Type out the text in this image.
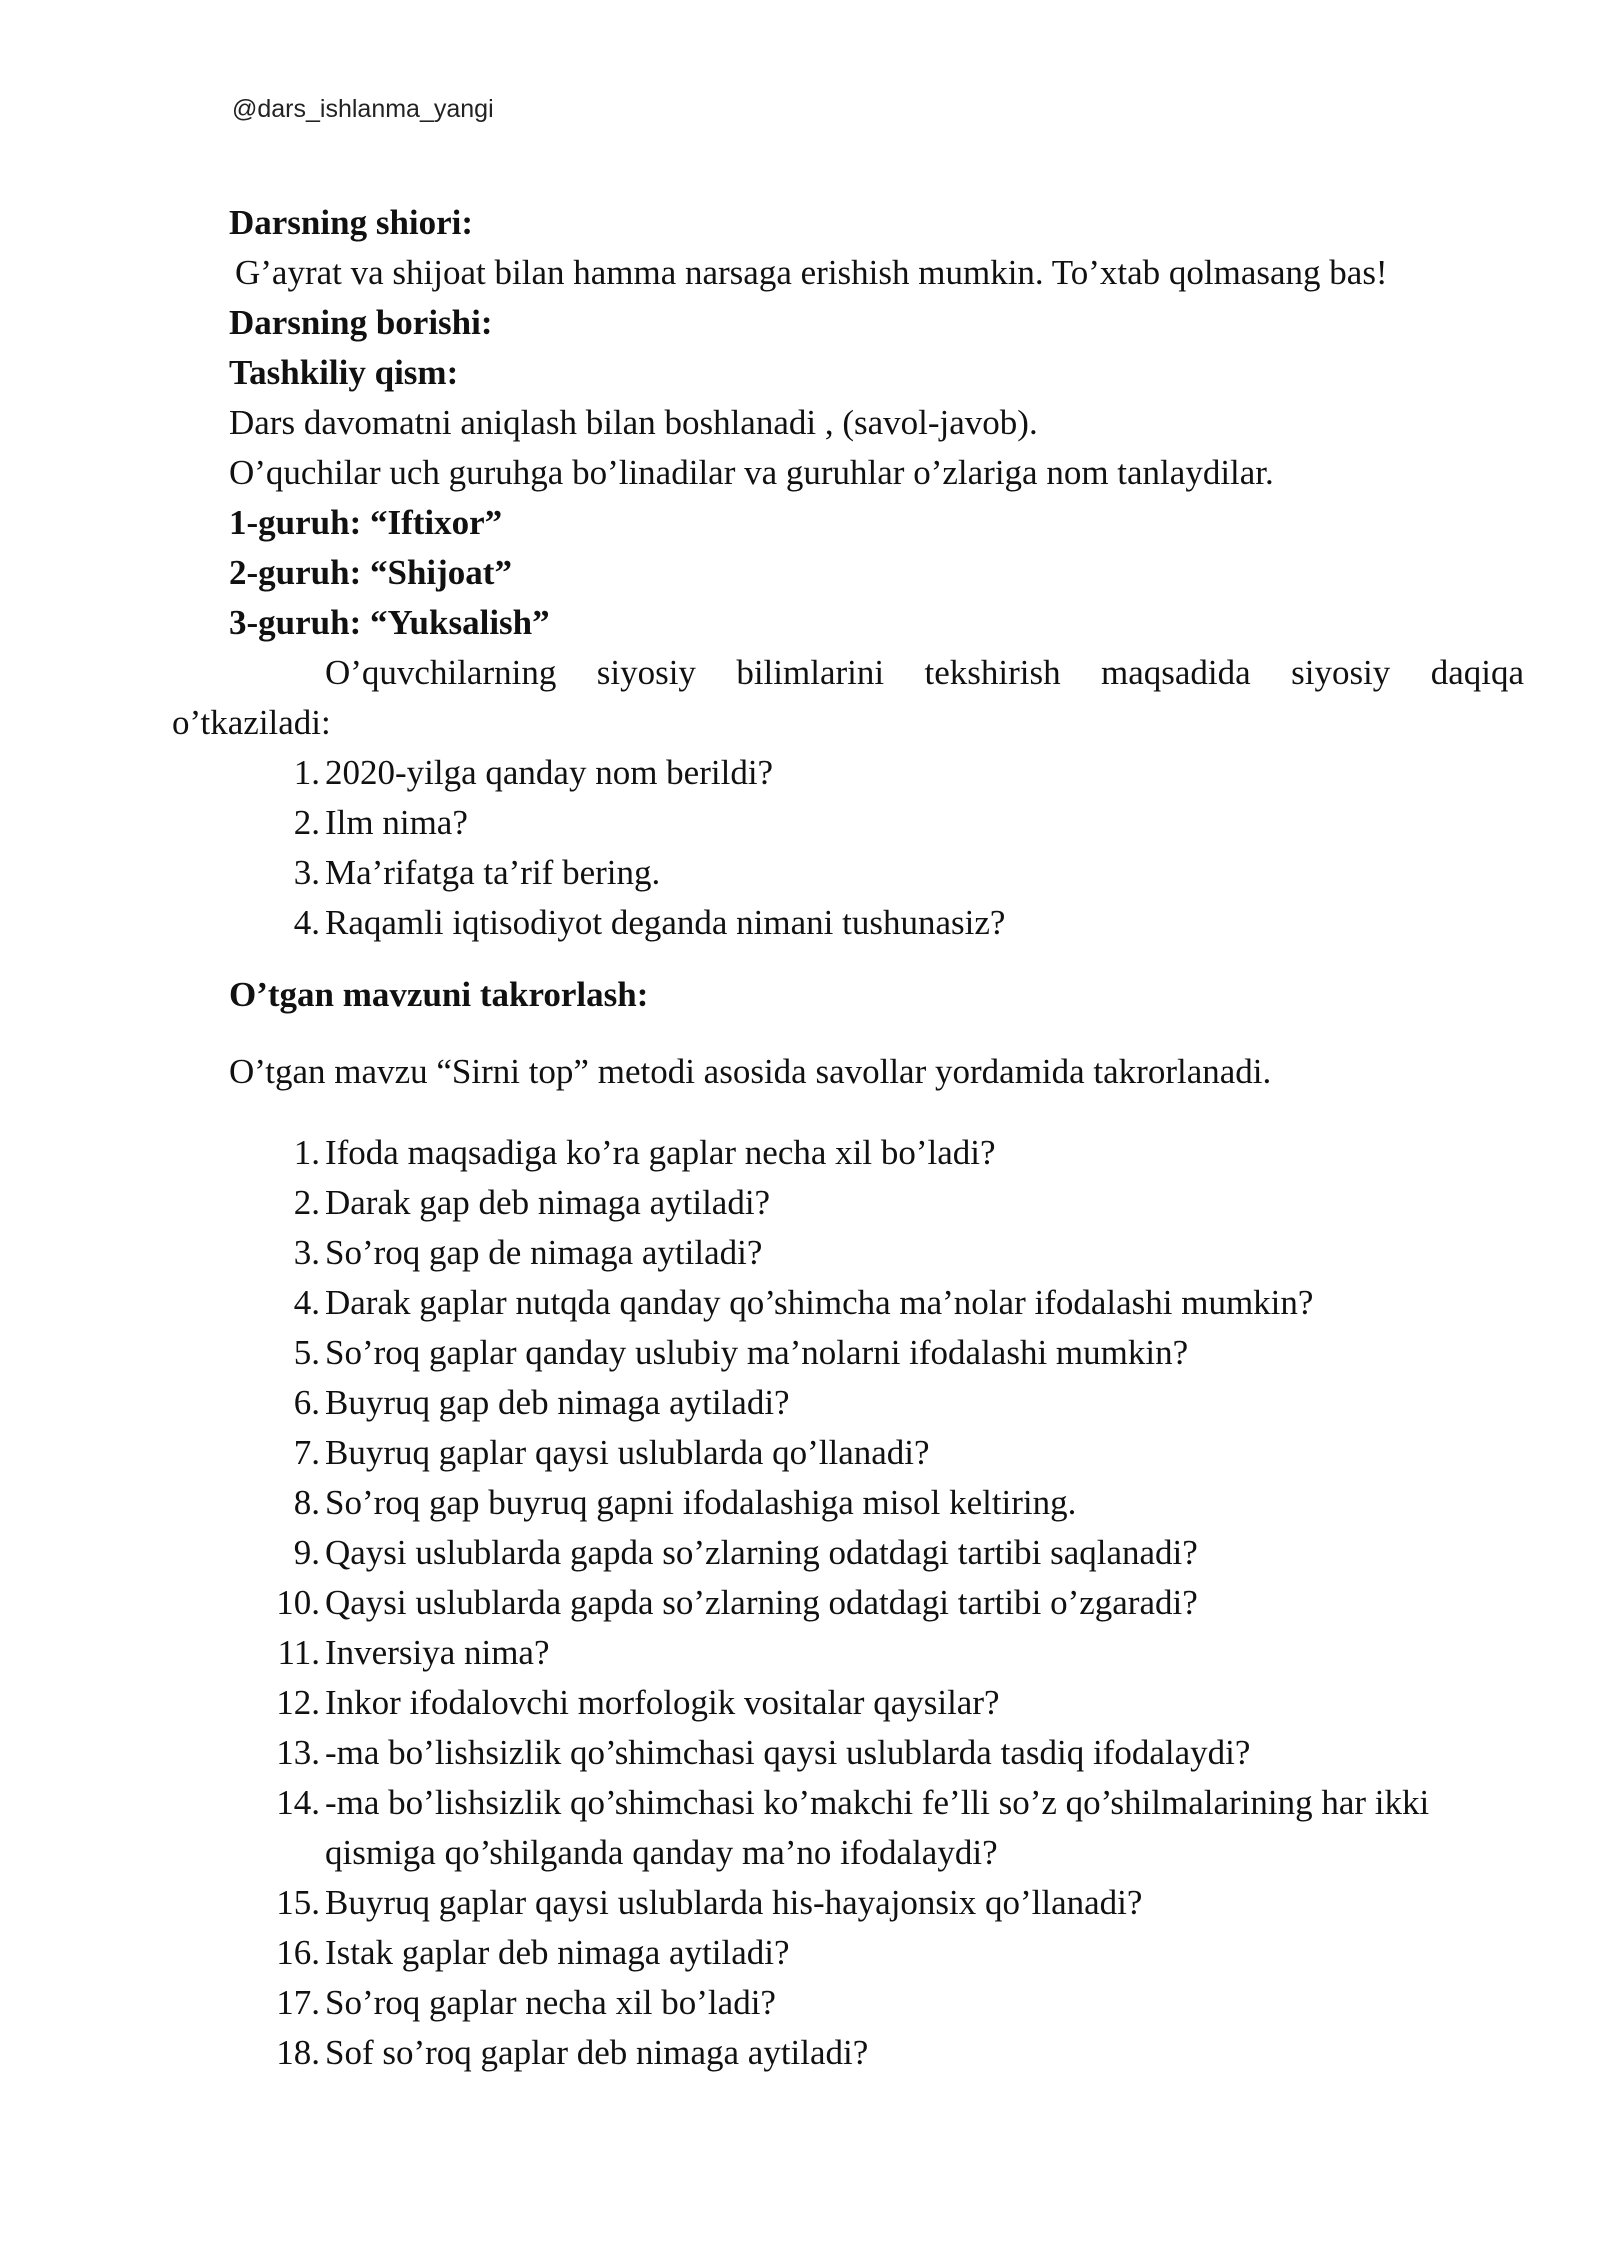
@dars_ishlanma_yangi
Darsning shiori:
G’ayrat va shijoat bilan hamma narsaga erishish mumkin. To’xtab qolmasang bas!
Darsning borishi:
Tashkiliy qism:
Dars davomatni aniqlash bilan boshlanadi , (savol-javob).
O’quchilar uch guruhga bo’linadilar va guruhlar o’zlariga nom tanlaydilar.
1-guruh: “Iftixor”
2-guruh: “Shijoat”
3-guruh: “Yuksalish”
O’quvchilarning siyosiy bilimlarini tekshirish maqsadida siyosiy daqiqa
o’tkaziladi:
1. 2020-yilga qanday nom berildi?
2. Ilm nima?
3. Ma’rifatga ta’rif bering.
4. Raqamli iqtisodiyot deganda nimani tushunasiz?
O’tgan mavzuni takrorlash:
O’tgan mavzu “Sirni top” metodi asosida savollar yordamida takrorlanadi.
1. Ifoda maqsadiga ko’ra gaplar necha xil bo’ladi?
2. Darak gap deb nimaga aytiladi?
3. So’roq gap de nimaga aytiladi?
4. Darak gaplar nutqda qanday qo’shimcha ma’nolar ifodalashi mumkin?
5. So’roq gaplar qanday uslubiy ma’nolarni ifodalashi mumkin?
6. Buyruq gap deb nimaga aytiladi?
7. Buyruq gaplar qaysi uslublarda qo’llanadi?
8. So’roq gap buyruq gapni ifodalashiga misol keltiring.
9. Qaysi uslublarda gapda so’zlarning odatdagi tartibi saqlanadi?
10. Qaysi uslublarda gapda so’zlarning odatdagi tartibi o’zgaradi?
11. Inversiya nima?
12. Inkor ifodalovchi morfologik vositalar qaysilar?
13. -ma bo’lishsizlik qo’shimchasi qaysi uslublarda tasdiq ifodalaydi?
14. -ma bo’lishsizlik qo’shimchasi ko’makchi fe’lli so’z qo’shilmalarining har ikki qismiga qo’shilganda qanday ma’no ifodalaydi?
15. Buyruq gaplar qaysi uslublarda his-hayajonsix qo’llanadi?
16. Istak gaplar deb nimaga aytiladi?
17. So’roq gaplar necha xil bo’ladi?
18. Sof so’roq gaplar deb nimaga aytiladi?
